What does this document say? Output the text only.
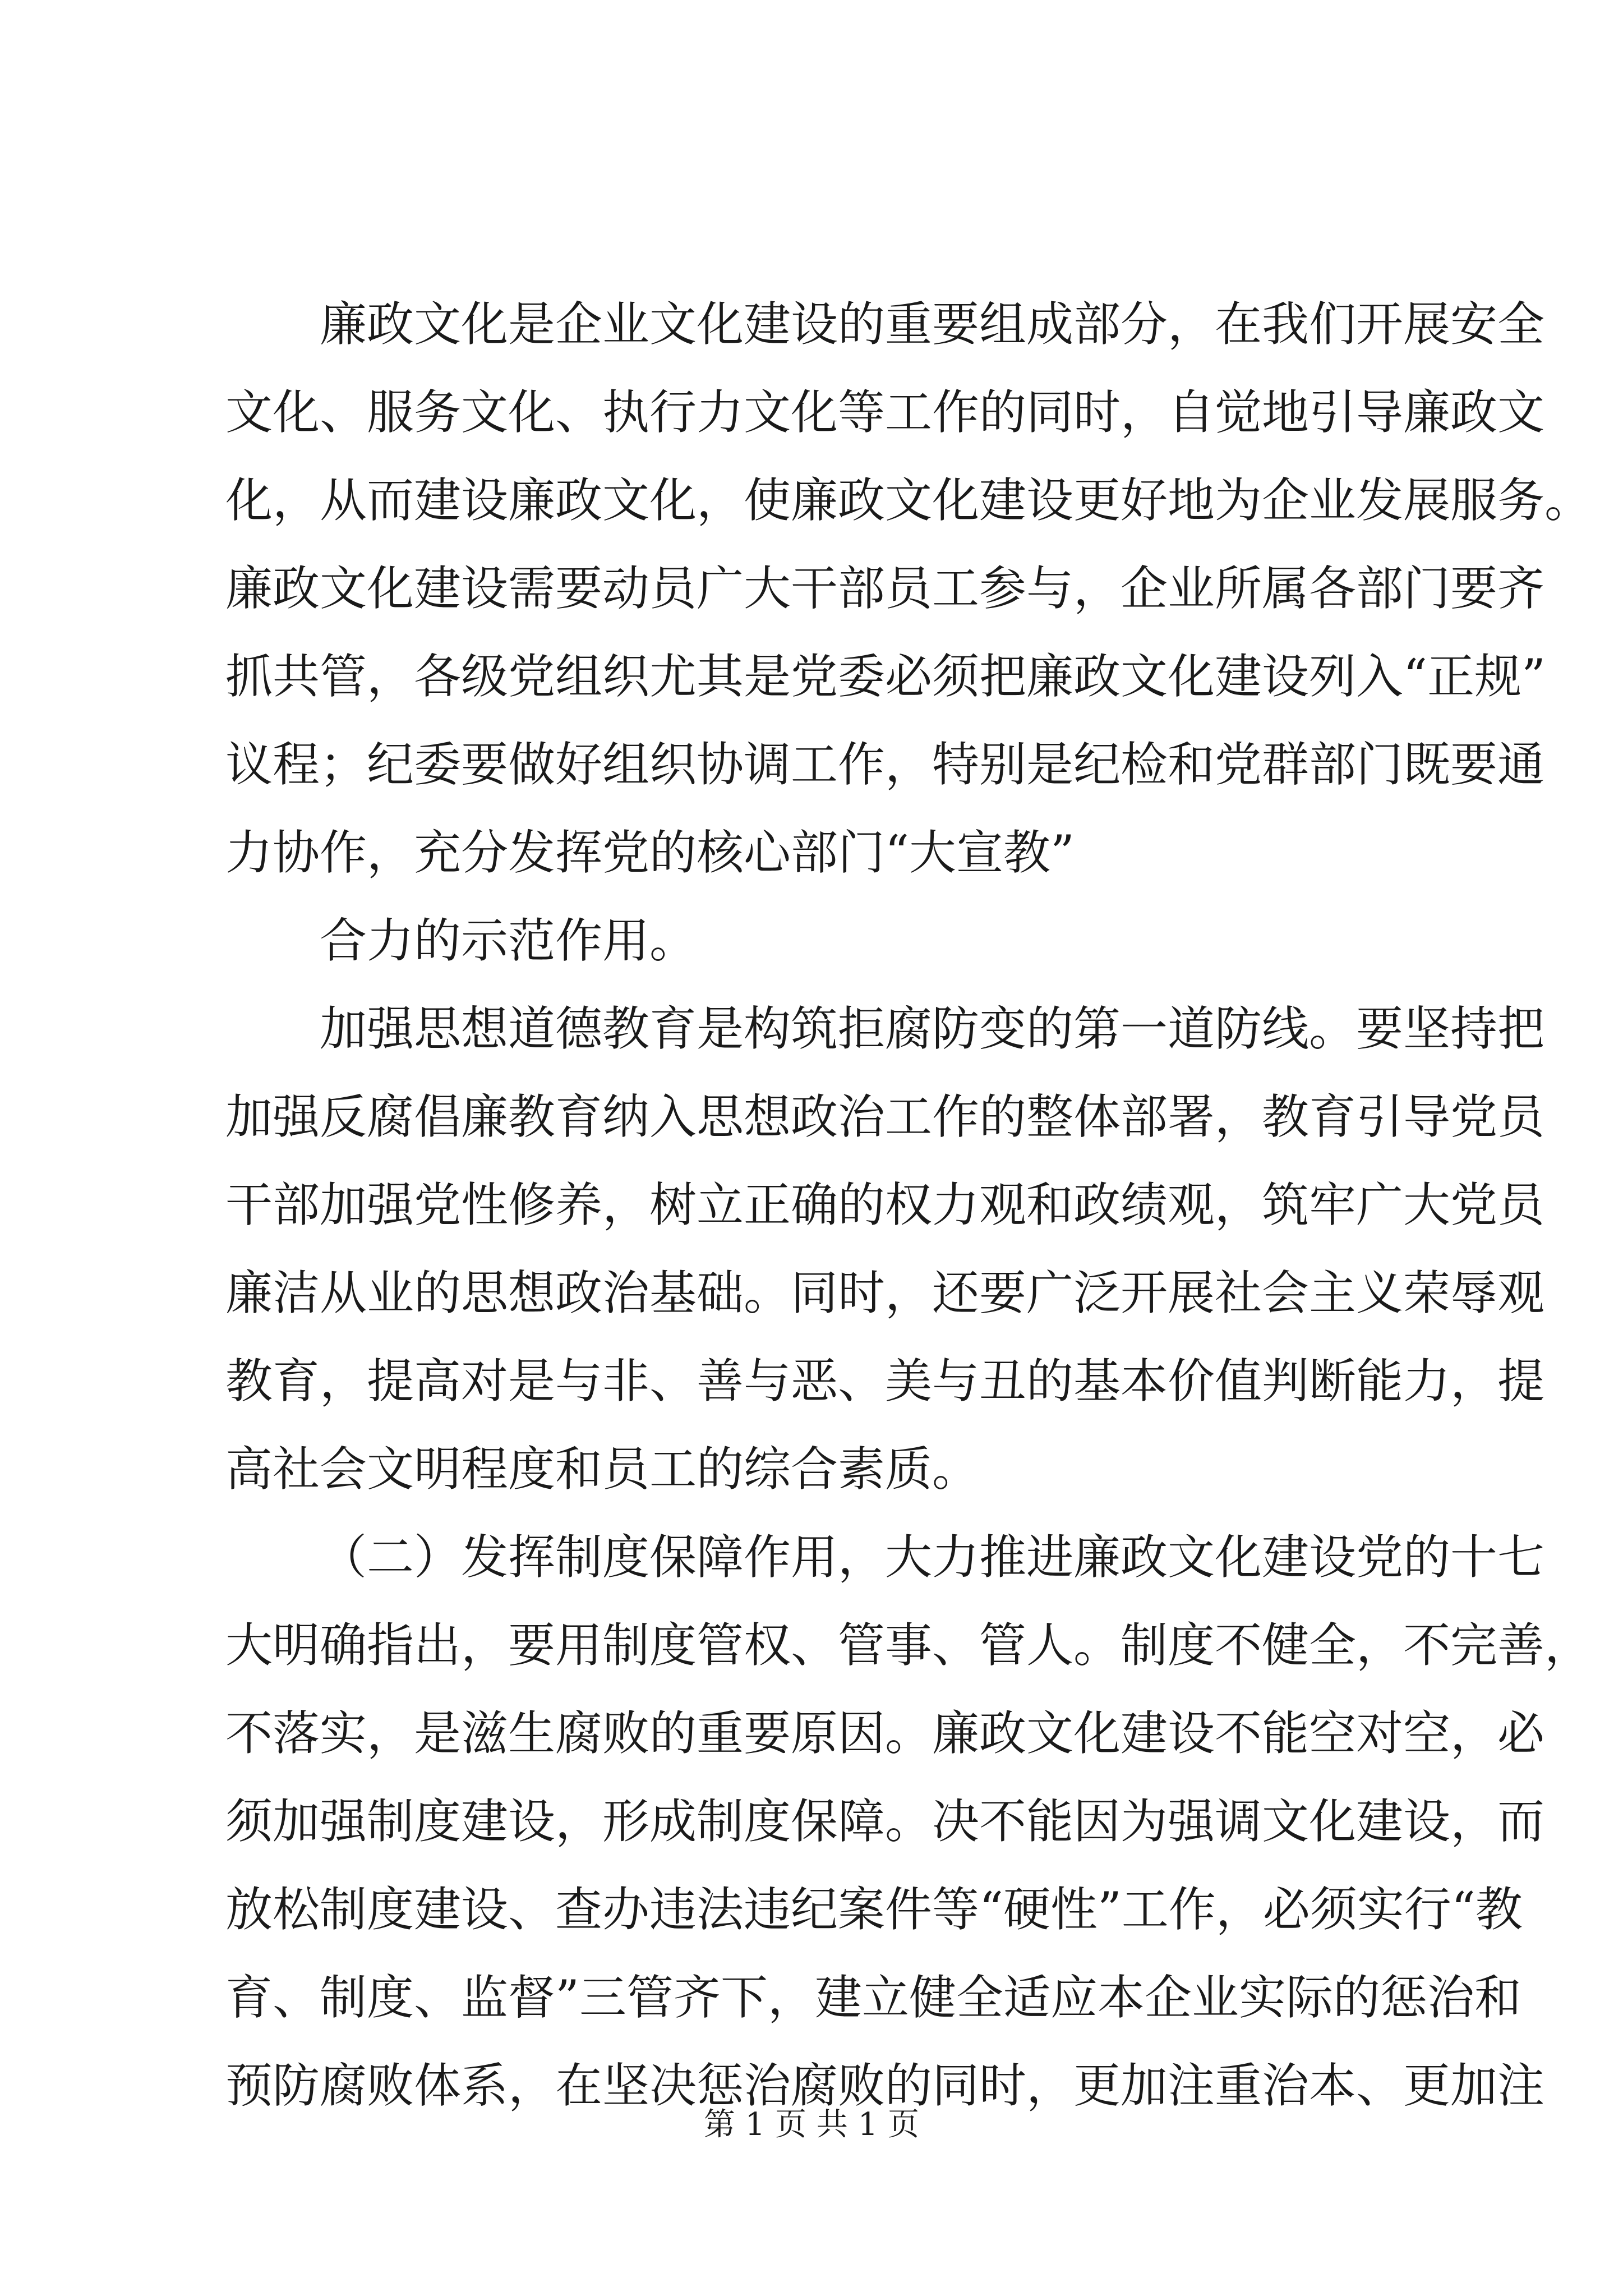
廉政文化是企业文化建设的重要组成部分，在我们开展安全
文化、服务文化、执行力文化等工作的同时，自觉地引导廉政文
化，从而建设廉政文化，使廉政文化建设更好地为企业发展服务。
廉政文化建设需要动员广大干部员工参与，企业所属各部门要齐
抓共管，各级党组织尤其是党委必须把廉政文化建设列入“正规”
议程；纪委要做好组织协调工作，特别是纪检和党群部门既要通
力协作，充分发挥党的核心部门“大宣教”
合力的示范作用。
加强思想道德教育是构筑拒腐防变的第一道防线。要坚持把
加强反腐倡廉教育纳入思想政治工作的整体部署，教育引导党员
干部加强党性修养，树立正确的权力观和政绩观，筑牢广大党员
廉洁从业的思想政治基础。同时，还要广泛开展社会主义荣辱观
教育，提高对是与非、善与恶、美与丑的基本价值判断能力，提
高社会文明程度和员工的综合素质。
（二）发挥制度保障作用，大力推进廉政文化建设党的十七
大明确指出，要用制度管权、管事、管人。制度不健全，不完善，
不落实，是滋生腐败的重要原因。廉政文化建设不能空对空，必
须加强制度建设，形成制度保障。决不能因为强调文化建设，而
放松制度建设、查办违法违纪案件等“硬性”工作，必须实行“教
育、制度、监督”三管齐下，建立健全适应本企业实际的惩治和
预防腐败体系，在坚决惩治腐败的同时，更加注重治本、更加注
第 1 页 共 1 页
